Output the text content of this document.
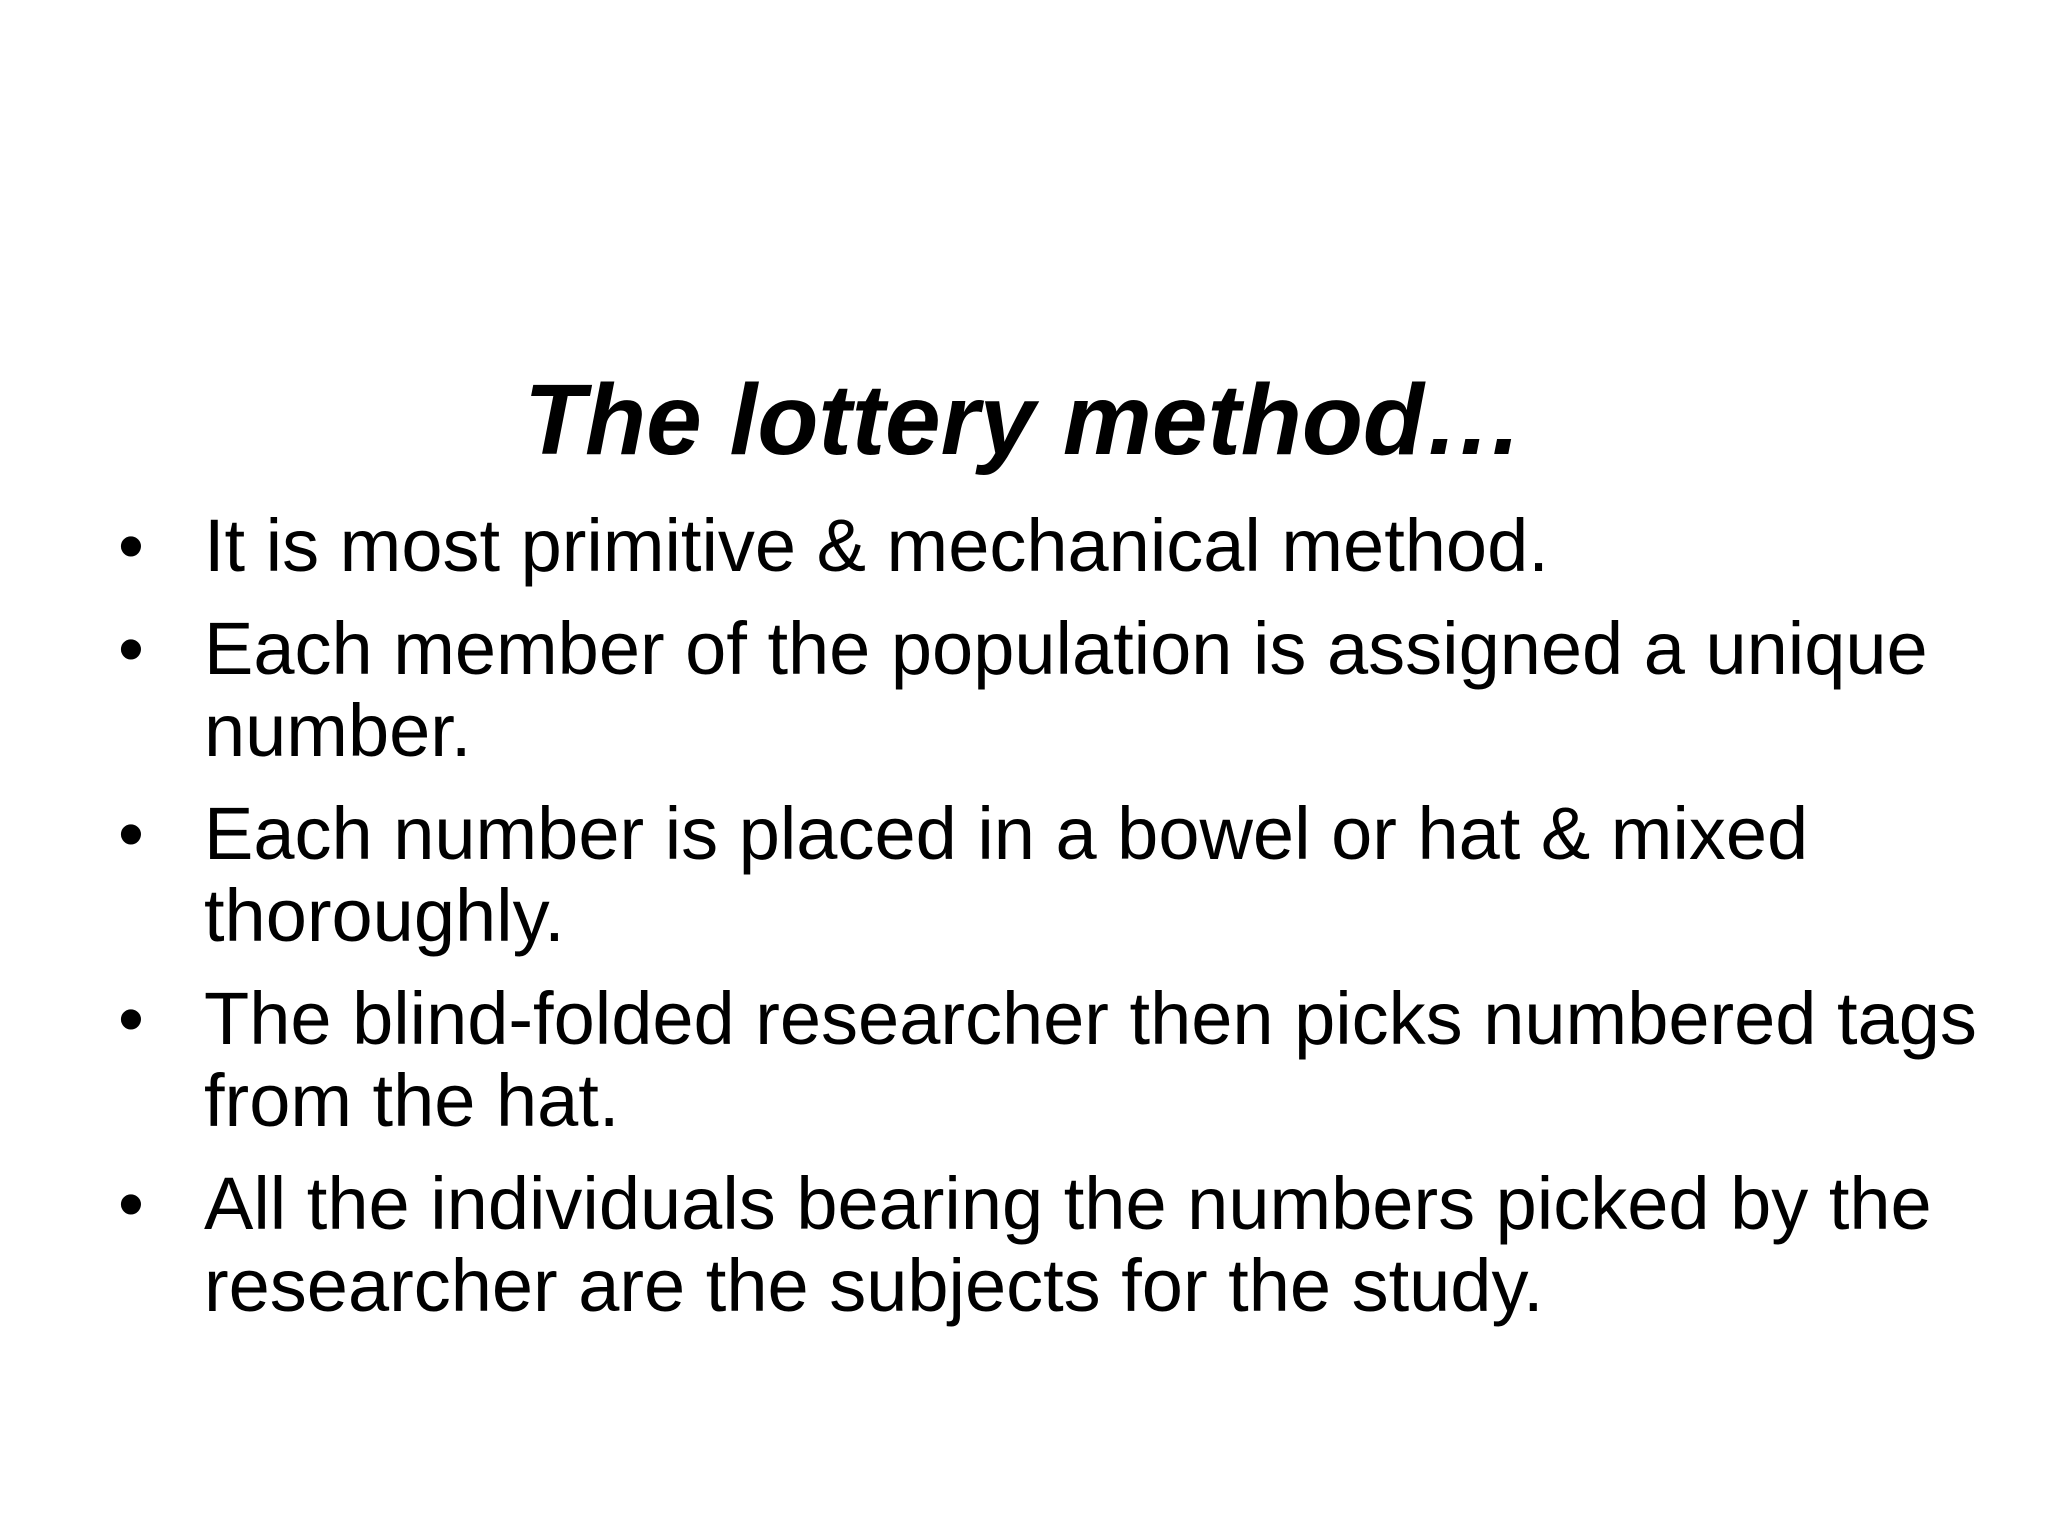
The lottery method…
• It is most primitive & mechanical method.
• Each member of the population is assigned a unique number.
• Each number is placed in a bowel or hat & mixed thoroughly.
• The blind-folded researcher then picks numbered tags from the hat.
• All the individuals bearing the numbers picked by the researcher are the subjects for the study.
